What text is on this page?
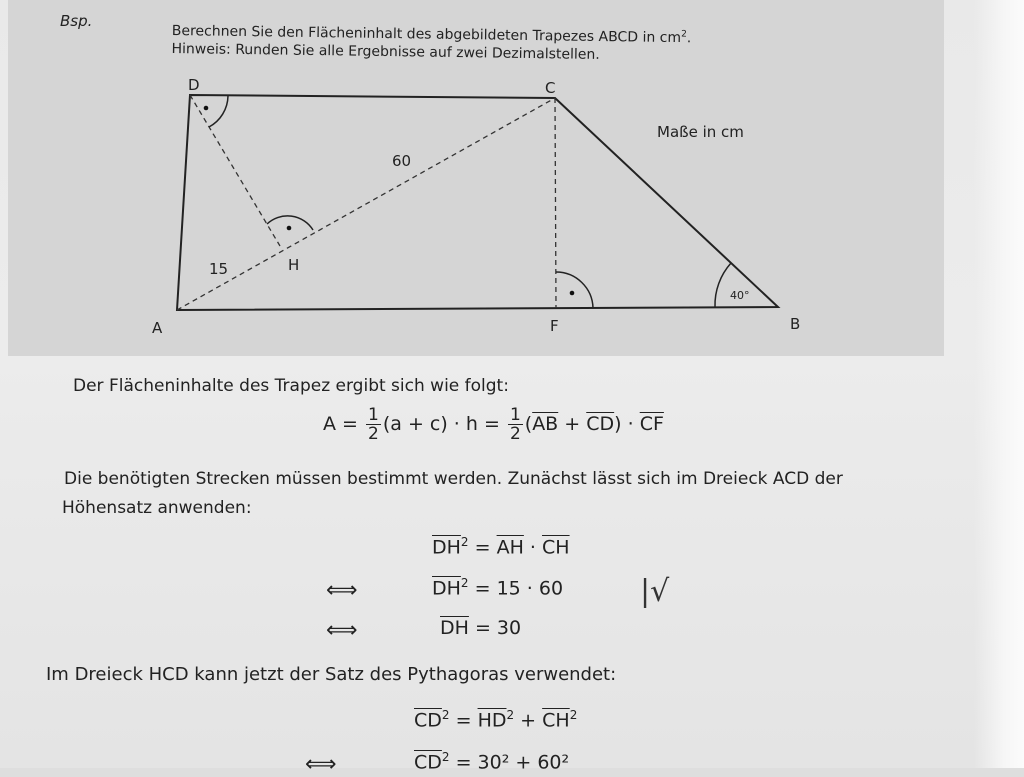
Bsp.
Berechnen Sie den Flächeninhalt des abgebildeten Trapezes ABCD in $cm^2$.
Hinweis: Runden Sie alle Ergebnisse auf zwei Dezimalstellen.
D	C
A	B
F
H
60
15
40°
Maße in cm
Der Flächeninhalte des Trapez ergibt sich wie folgt:
$A = \frac{1}{2} (a + c) \cdot h = \frac{1}{2} (\overline{AB} + \overline{CD}) \cdot \overline{CF}$
Die benötigten Strecken müssen bestimmt werden. Zunächst lässt sich im Dreieck ACD der
Höhensatz anwenden:
$\overline{DH}^2 = \overline{AH} \cdot \overline{CH}$
⟺	$\overline{DH}^2 = 15 \cdot 60$	|√
⟺	$\overline{DH} = 30$
Im Dreieck HCD kann jetzt der Satz des Pythagoras verwendet:
$\overline{CD}^2 = \overline{HD}^2 + \overline{CH}^2$
⟺	$\overline{CD}^2 = 30^2 + 60^2$
